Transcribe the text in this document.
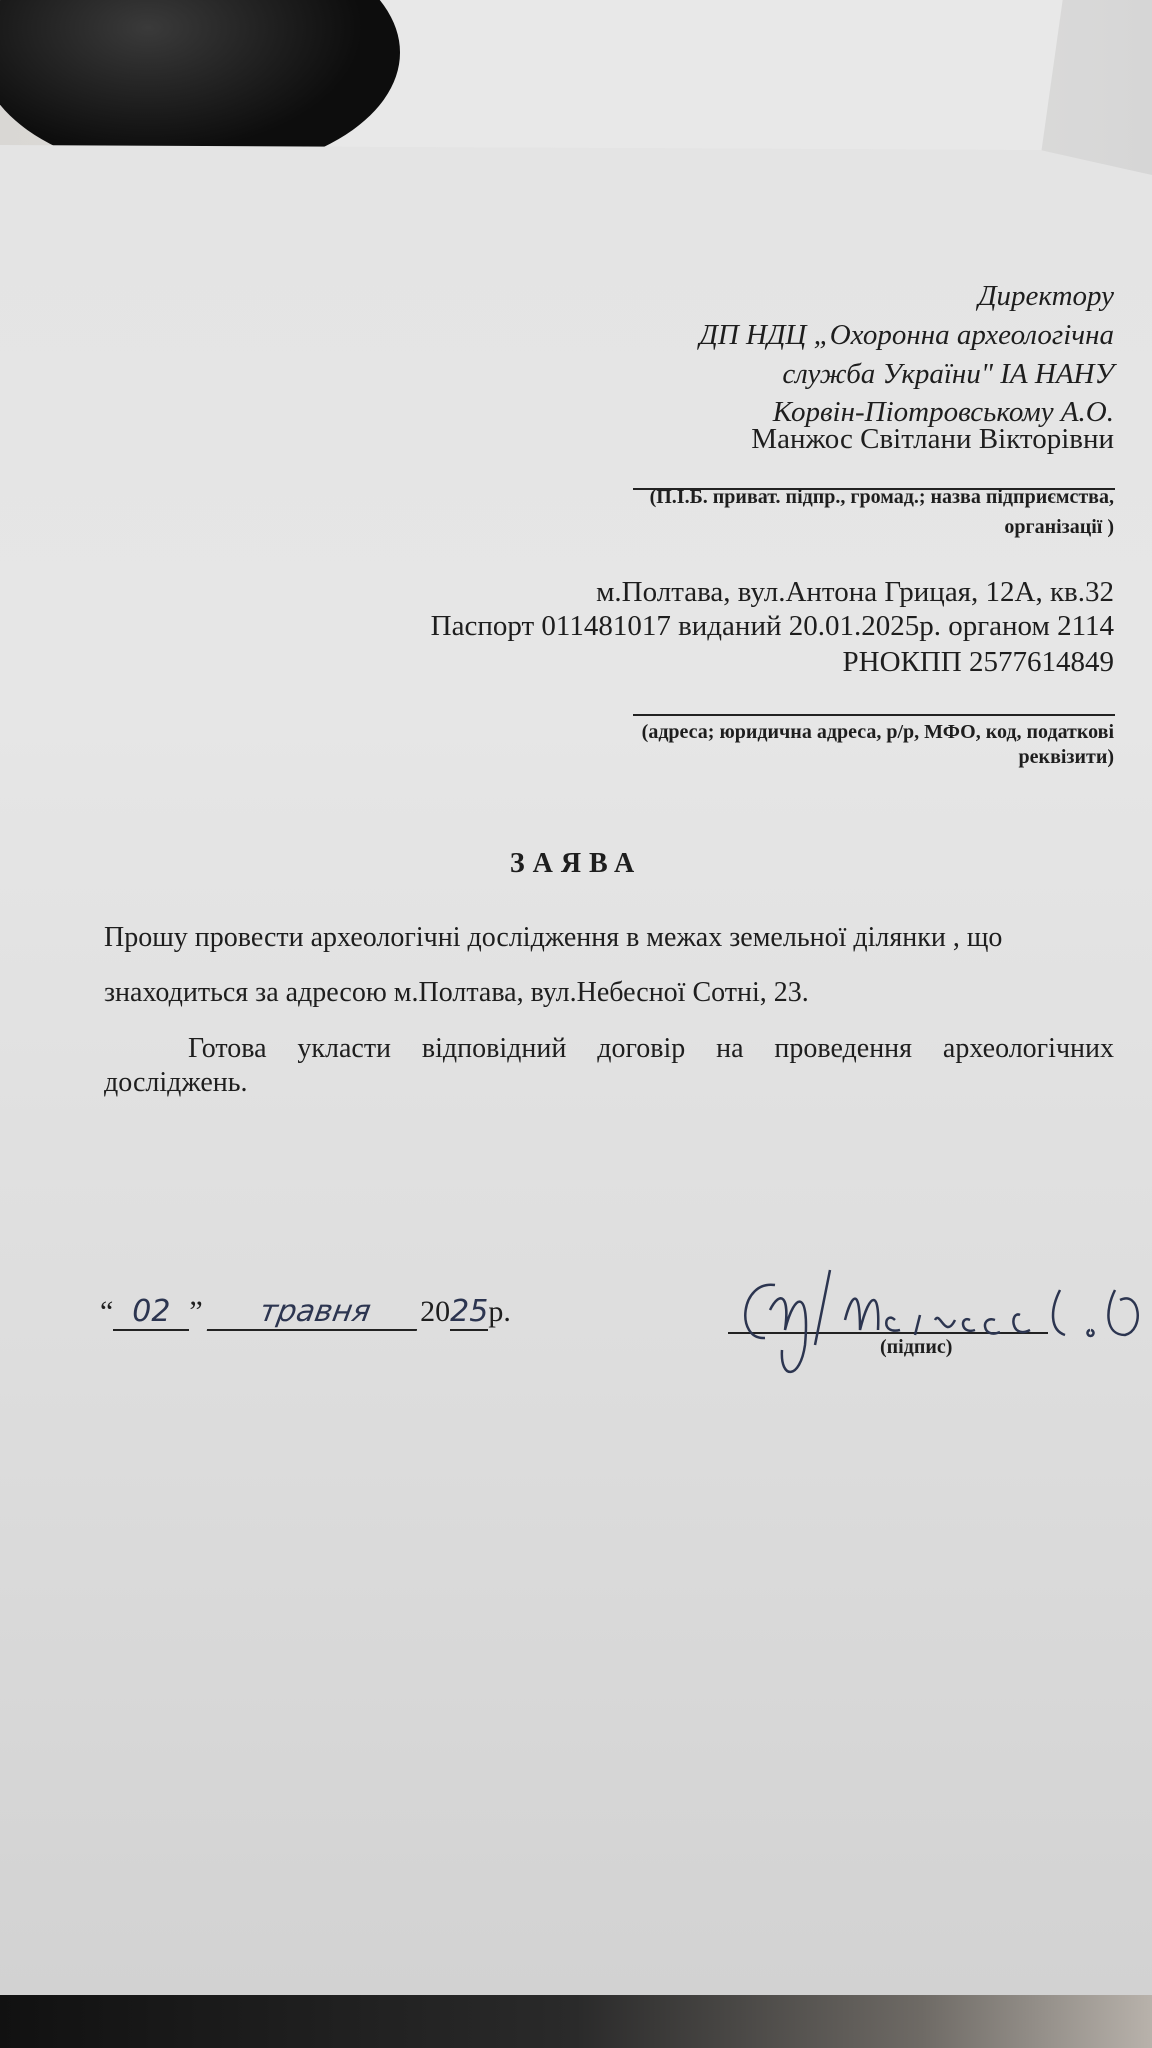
Директору
ДП НДЦ „Охоронна археологічна
служба України" ІА НАНУ
Корвін-Піотровському А.О.
Манжос Світлани Вікторівни
(П.І.Б. приват. підпр., громад.; назва підприємства,
організації )
м.Полтава, вул.Антона Грицая, 12А, кв.32
Паспорт 011481017 виданий 20.01.2025р. органом 2114
РНОКПП 2577614849
(адреса; юридична адреса, р/р, МФО, код, податкові
реквізити)
ЗАЯВА
Прошу провести археологічні дослідження в межах земельної ділянки , що
знаходиться за адресою м.Полтава, вул.Небесної Сотні, 23.
Готова укласти відповідний договір на проведення археологічних
досліджень.
“ 02 ” травня 2025р.
(підпис)
